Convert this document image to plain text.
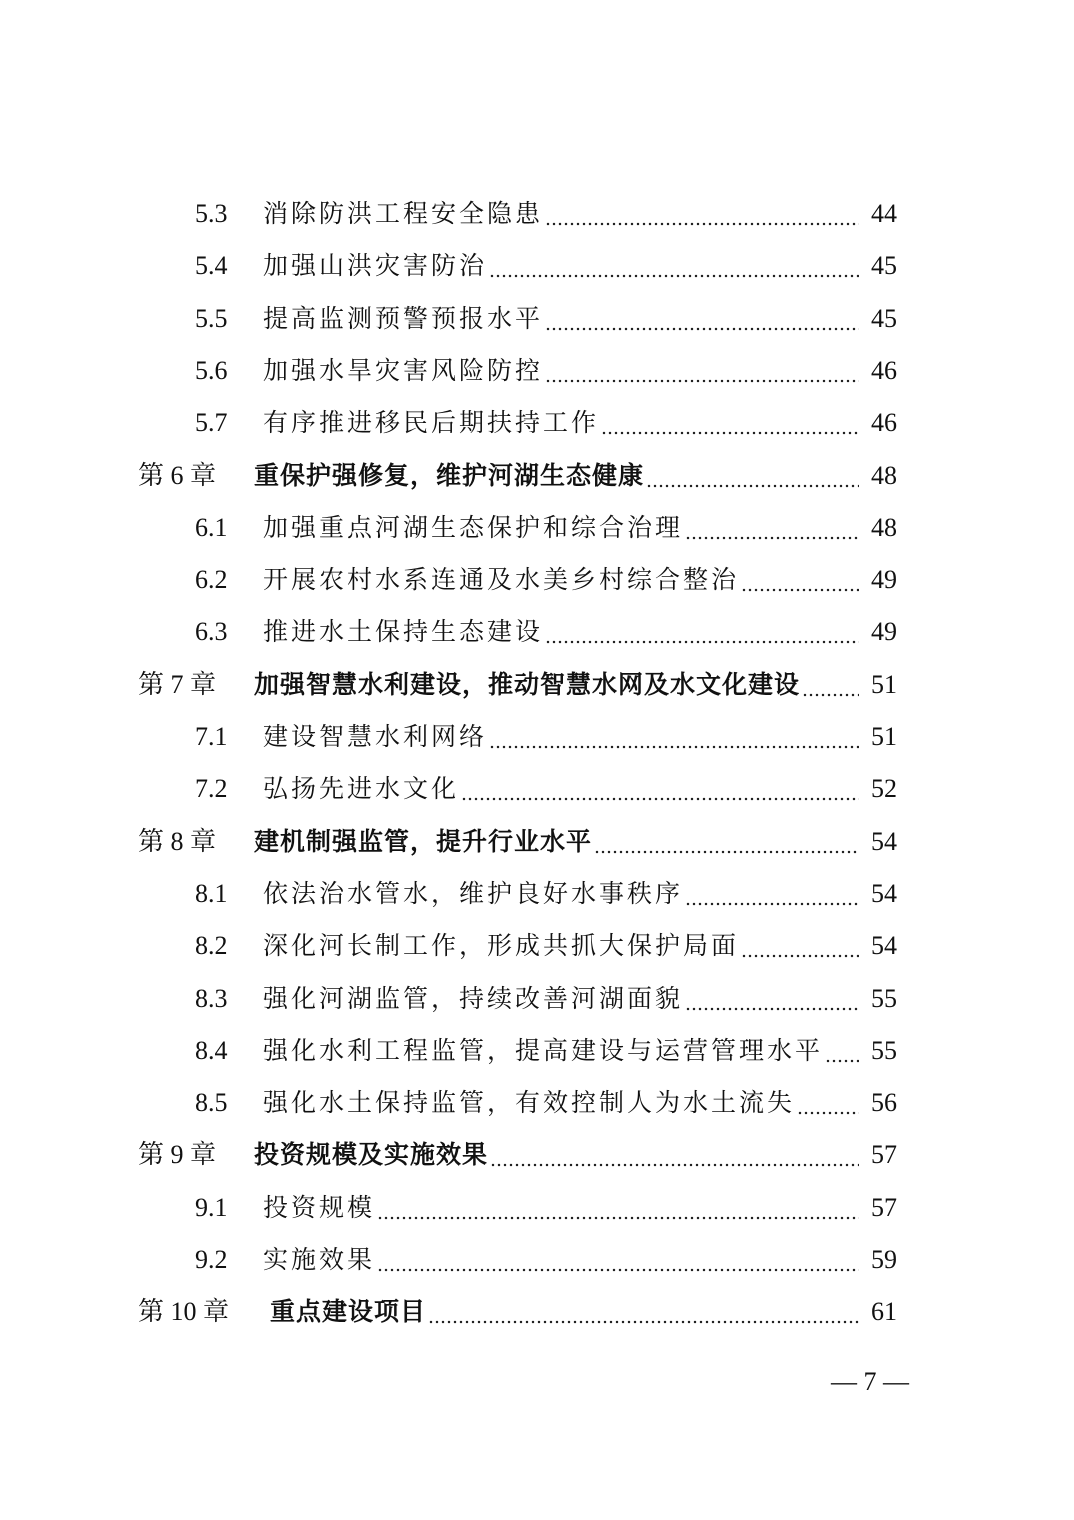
5.3	消除防洪工程安全隐患	44
5.4	加强山洪灾害防治	45
5.5	提高监测预警预报水平	45
5.6	加强水旱灾害风险防控	46
5.7	有序推进移民后期扶持工作	46
第 6 章	重保护强修复，维护河湖生态健康	48
6.1	加强重点河湖生态保护和综合治理	48
6.2	开展农村水系连通及水美乡村综合整治	49
6.3	推进水土保持生态建设	49
第 7 章	加强智慧水利建设，推动智慧水网及水文化建设	51
7.1	建设智慧水利网络	51
7.2	弘扬先进水文化	52
第 8 章	建机制强监管，提升行业水平	54
8.1	依法治水管水，维护良好水事秩序	54
8.2	深化河长制工作，形成共抓大保护局面	54
8.3	强化河湖监管，持续改善河湖面貌	55
8.4	强化水利工程监管，提高建设与运营管理水平	55
8.5	强化水土保持监管，有效控制人为水土流失	56
第 9 章	投资规模及实施效果	57
9.1	投资规模	57
9.2	实施效果	59
第 10 章	重点建设项目	61
— 7 —
